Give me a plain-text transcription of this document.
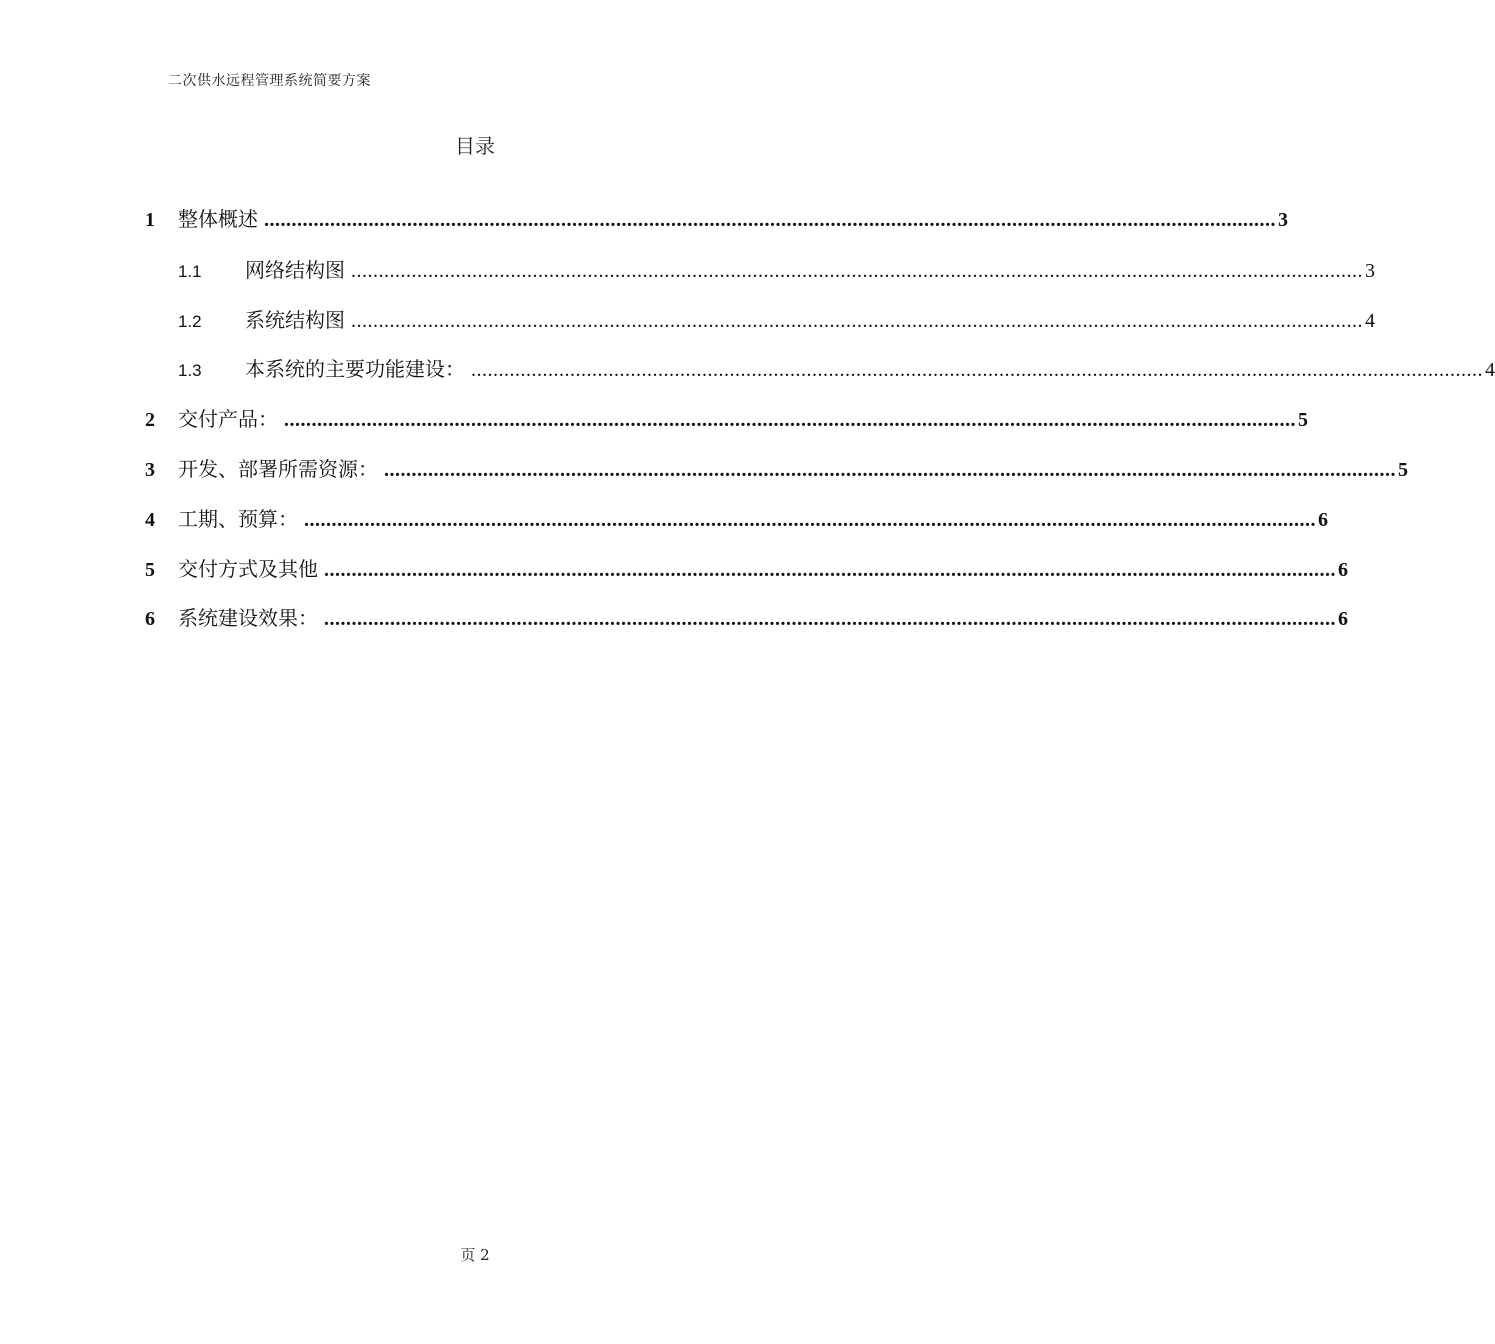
二次供水远程管理系统简要方案
目录
1	整体概述 ........................................................................................................................................................................................ 3
1.1	网络结构图 ........................................................................................................................................................................................ 3
1.2	系统结构图 ........................................................................................................................................................................................ 4
1.3	本系统的主要功能建设： ........................................................................................................................................................................................ 4
2	交付产品： ........................................................................................................................................................................................ 5
3	开发、部署所需资源： ........................................................................................................................................................................................ 5
4	工期、预算： ........................................................................................................................................................................................ 6
5	交付方式及其他 ........................................................................................................................................................................................ 6
6	系统建设效果： ........................................................................................................................................................................................ 6
页 2
